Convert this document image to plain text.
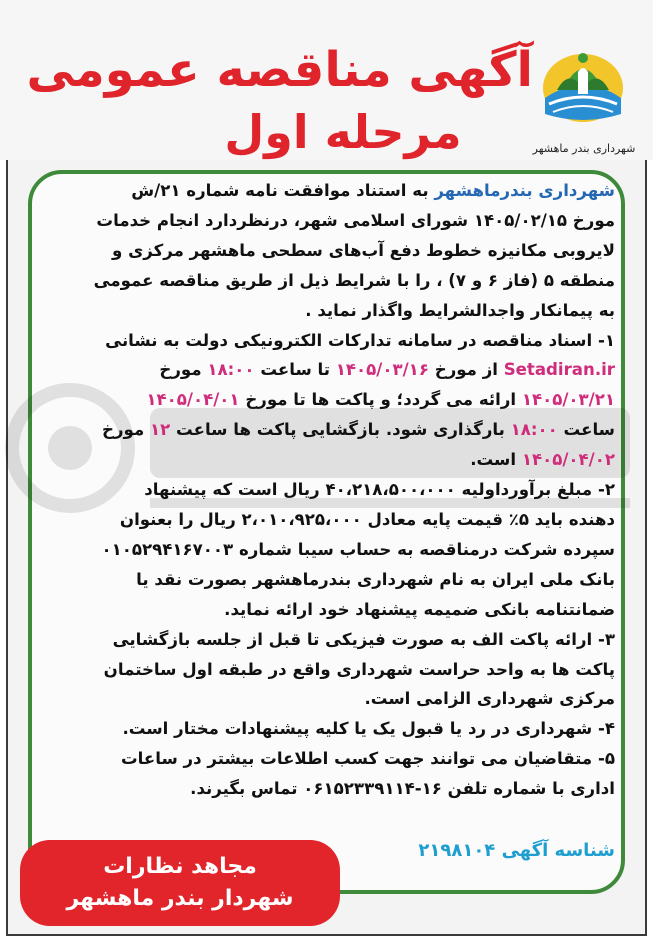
آگهی مناقصه عمومی
مرحله اول	شهرداری بندر ماهشهر
شهرداری بندرماهشهر به استناد موافقت نامه شماره ۲۱/ش
مورخ ۱۴۰۵/۰۲/۱۵ شورای اسلامی شهر، درنظردارد انجام خدمات
لایروبی مکانیزه خطوط دفع آب‌های سطحی ماهشهر مرکزی و
منطقه ۵ (فاز ۶ و ۷) ، را با شرایط ذیل از طریق مناقصه عمومی
به پیمانکار واجدالشرایط واگذار نماید .
۱- اسناد مناقصه در سامانه تدارکات الکترونیکی دولت به نشانی
Setadiran.ir از مورخ ۱۴۰۵/۰۳/۱۶ تا ساعت ۱۸:۰۰ مورخ
۱۴۰۵/۰۳/۲۱ ارائه می گردد؛ و پاکت ها تا مورخ ۱۴۰۵/۰۴/۰۱
ساعت ۱۸:۰۰ بارگذاری شود. بازگشایی پاکت ها ساعت ۱۲ مورخ
۱۴۰۵/۰۴/۰۲ است.
۲- مبلغ برآورداولیه ۴۰،۲۱۸،۵۰۰،۰۰۰ ریال است که پیشنهاد
دهنده باید ۵٪ قیمت پایه معادل ۲،۰۱۰،۹۲۵،۰۰۰ ریال را بعنوان
سپرده شرکت درمناقصه به حساب سیبا شماره ۰۱۰۵۲۹۴۱۶۷۰۰۳
بانک ملی ایران به نام شهرداری بندرماهشهر بصورت نقد یا
ضمانتنامه بانکی ضمیمه پیشنهاد خود ارائه نماید.
۳- ارائه پاکت الف به صورت فیزیکی تا قبل از جلسه بازگشایی
پاکت ها به واحد حراست شهرداری واقع در طبقه اول ساختمان
مرکزی شهرداری الزامی است.
۴- شهرداری در رد یا قبول یک یا کلیه پیشنهادات مختار است.
۵- متقاضیان می توانند جهت کسب اطلاعات بیشتر در ساعات
اداری با شماره تلفن ۱۶-۰۶۱۵۲۳۳۹۱۱۴ تماس بگیرند.
شناسه آگهی ۲۱۹۸۱۰۴
مجاهد نظارات
شهردار بندر ماهشهر
